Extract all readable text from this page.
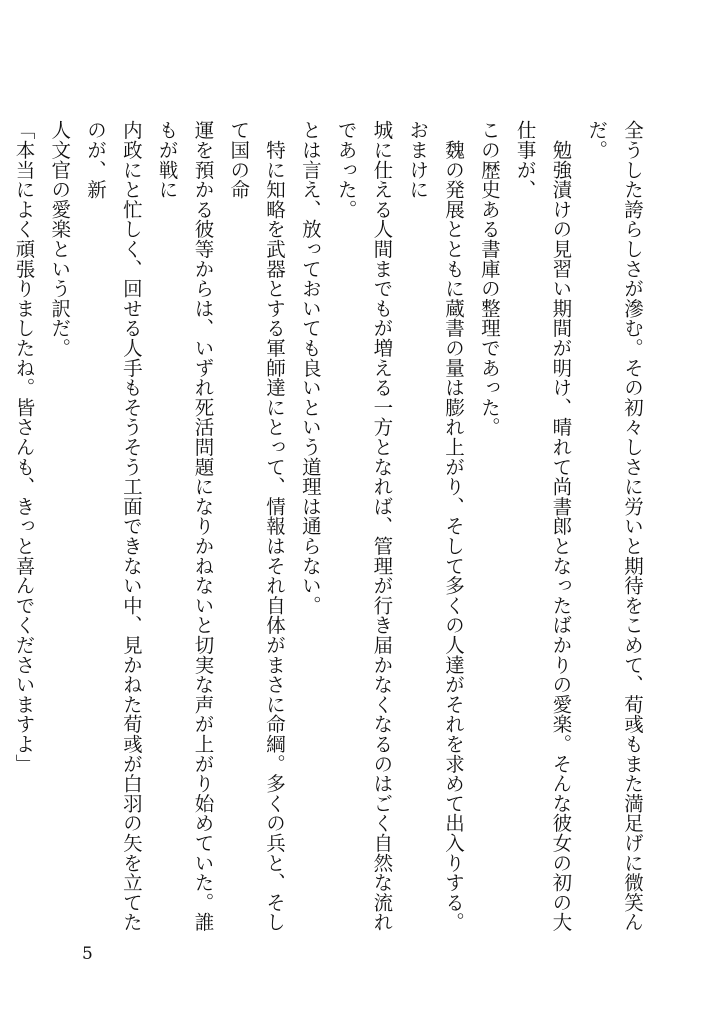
全うした誇らしさが滲む。その初々しさに労いと期待をこめて、荀彧もまた満足げに微笑んだ。

　勉強漬けの見習い期間が明け、晴れて尚書郎となったばかりの愛楽。そんな彼女の初の大仕事が、
この歴史ある書庫の整理であった。

　魏の発展とともに蔵書の量は膨れ上がり、そして多くの人達がそれを求めて出入りする。おまけに
城に仕える人間までもが増える一方となれば、管理が行き届かなくなるのはごく自然な流れであった。
とは言え、放っておいても良いという道理は通らない。

　特に知略を武器とする軍師達にとって、情報はそれ自体がまさに命綱。多くの兵と、そして国の命
運を預かる彼等からは、いずれ死活問題になりかねないと切実な声が上がり始めていた。誰もが戦に
内政にと忙しく、回せる人手もそうそう工面できない中、見かねた荀彧が白羽の矢を立てたのが、新
人文官の愛楽という訳だ。

「本当によく頑張りましたね。皆さんも、きっと喜んでくださいますよ」

5
